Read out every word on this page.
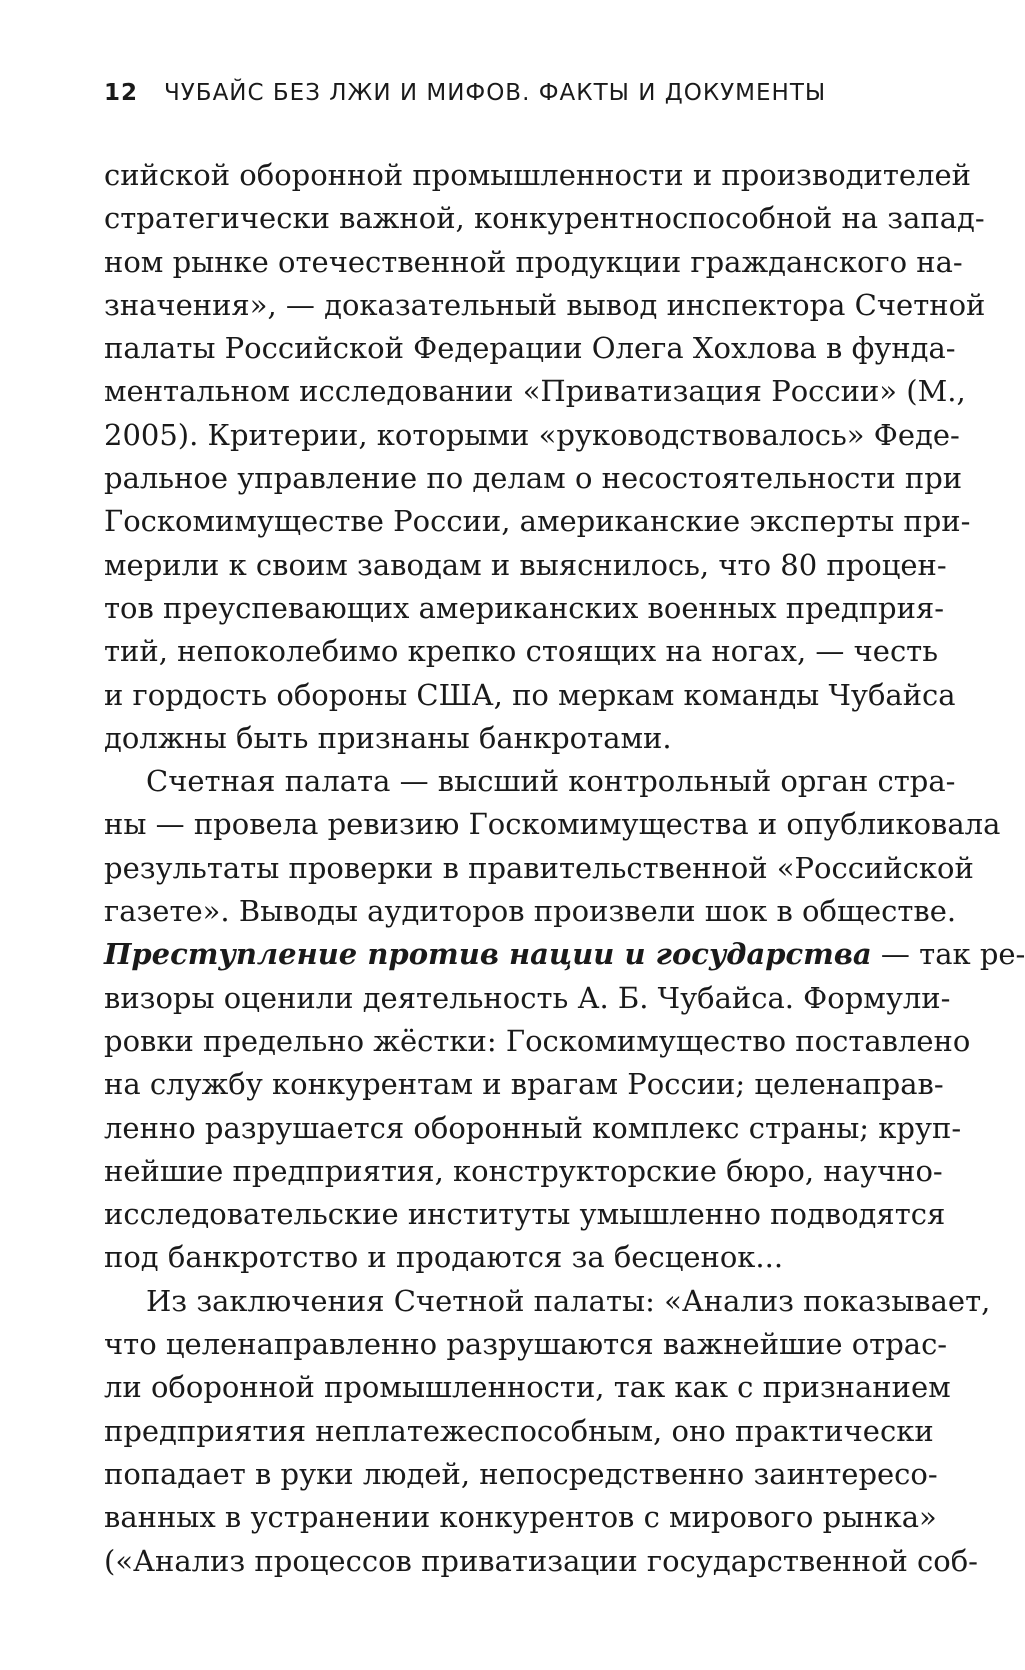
12 ЧУБАЙС БЕЗ ЛЖИ И МИФОВ. ФАКТЫ И ДОКУМЕНТЫ
сийской оборонной промышленности и производителей
стратегически важной, конкурентноспособной на запад-
ном рынке отечественной продукции гражданского на-
значения», — доказательный вывод инспектора Счетной
палаты Российской Федерации Олега Хохлова в фунда-
ментальном исследовании «Приватизация России» (М.,
2005). Критерии, которыми «руководствовалось» Феде-
ральное управление по делам о несостоятельности при
Госкомимуществе России, американские эксперты при-
мерили к своим заводам и выяснилось, что 80 процен-
тов преуспевающих американских военных предприя-
тий, непоколебимо крепко стоящих на ногах, — честь
и гордость обороны США, по меркам команды Чубайса
должны быть признаны банкротами.
Счетная палата — высший контрольный орган стра-
ны — провела ревизию Госкомимущества и опубликовала
результаты проверки в правительственной «Российской
газете». Выводы аудиторов произвели шок в обществе.
Преступление против нации и государства — так ре-
визоры оценили деятельность А. Б. Чубайса. Формули-
ровки предельно жёстки: Госкомимущество поставлено
на службу конкурентам и врагам России; целенаправ-
ленно разрушается оборонный комплекс страны; круп-
нейшие предприятия, конструкторские бюро, научно-
исследовательские институты умышленно подводятся
под банкротство и продаются за бесценок...
Из заключения Счетной палаты: «Анализ показывает,
что целенаправленно разрушаются важнейшие отрас-
ли оборонной промышленности, так как с признанием
предприятия неплатежеспособным, оно практически
попадает в руки людей, непосредственно заинтересо-
ванных в устранении конкурентов с мирового рынка»
(«Анализ процессов приватизации государственной соб-
